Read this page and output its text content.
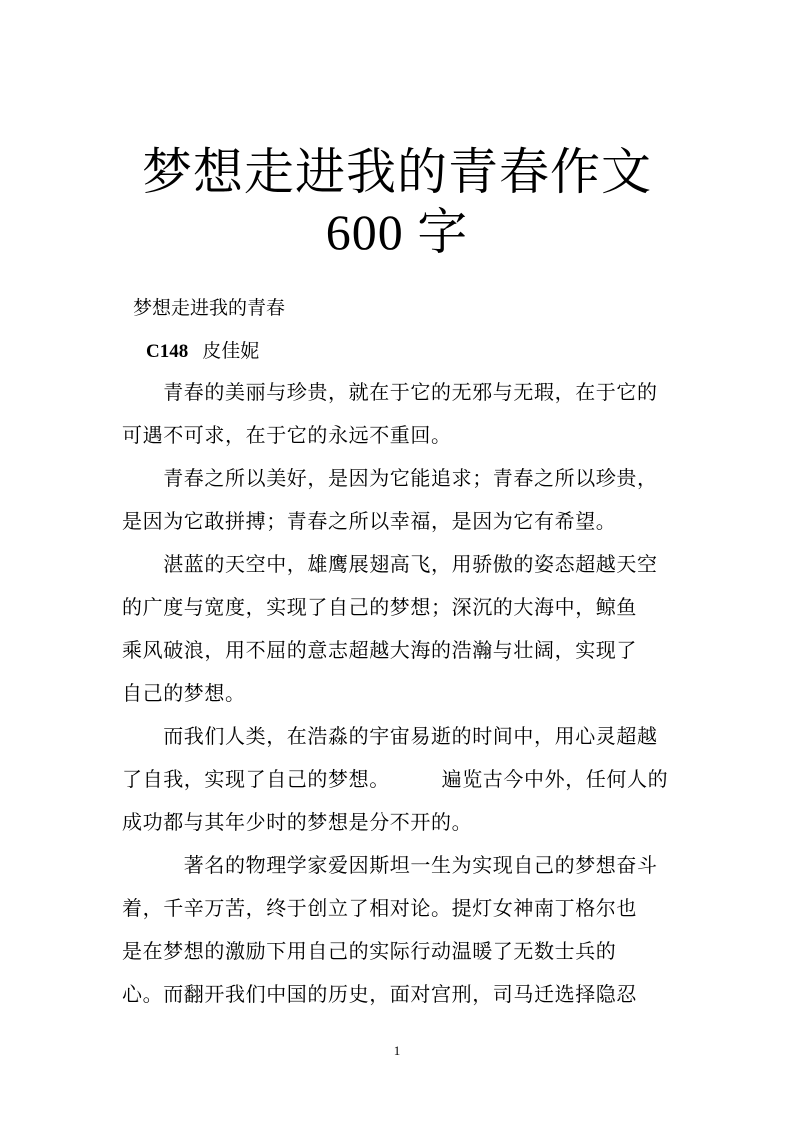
梦想走进我的青春作文
600 字
梦想走进我的青春
C148 皮佳妮
　　青春的美丽与珍贵，就在于它的无邪与无瑕，在于它的
可遇不可求，在于它的永远不重回。
　　青春之所以美好，是因为它能追求；青春之所以珍贵，
是因为它敢拼搏；青春之所以幸福，是因为它有希望。
　　湛蓝的天空中，雄鹰展翅高飞，用骄傲的姿态超越天空
的广度与宽度，实现了自己的梦想；深沉的大海中，鲸鱼
乘风破浪，用不屈的意志超越大海的浩瀚与壮阔，实现了
自己的梦想。
　　而我们人类，在浩淼的宇宙易逝的时间中，用心灵超越
了自我，实现了自己的梦想。　　　遍览古今中外，任何人的
成功都与其年少时的梦想是分不开的。
　　　著名的物理学家爱因斯坦一生为实现自己的梦想奋斗
着，千辛万苦，终于创立了相对论。提灯女神南丁格尔也
是在梦想的激励下用自己的实际行动温暖了无数士兵的
心。而翻开我们中国的历史，面对宫刑，司马迁选择隐忍
1
